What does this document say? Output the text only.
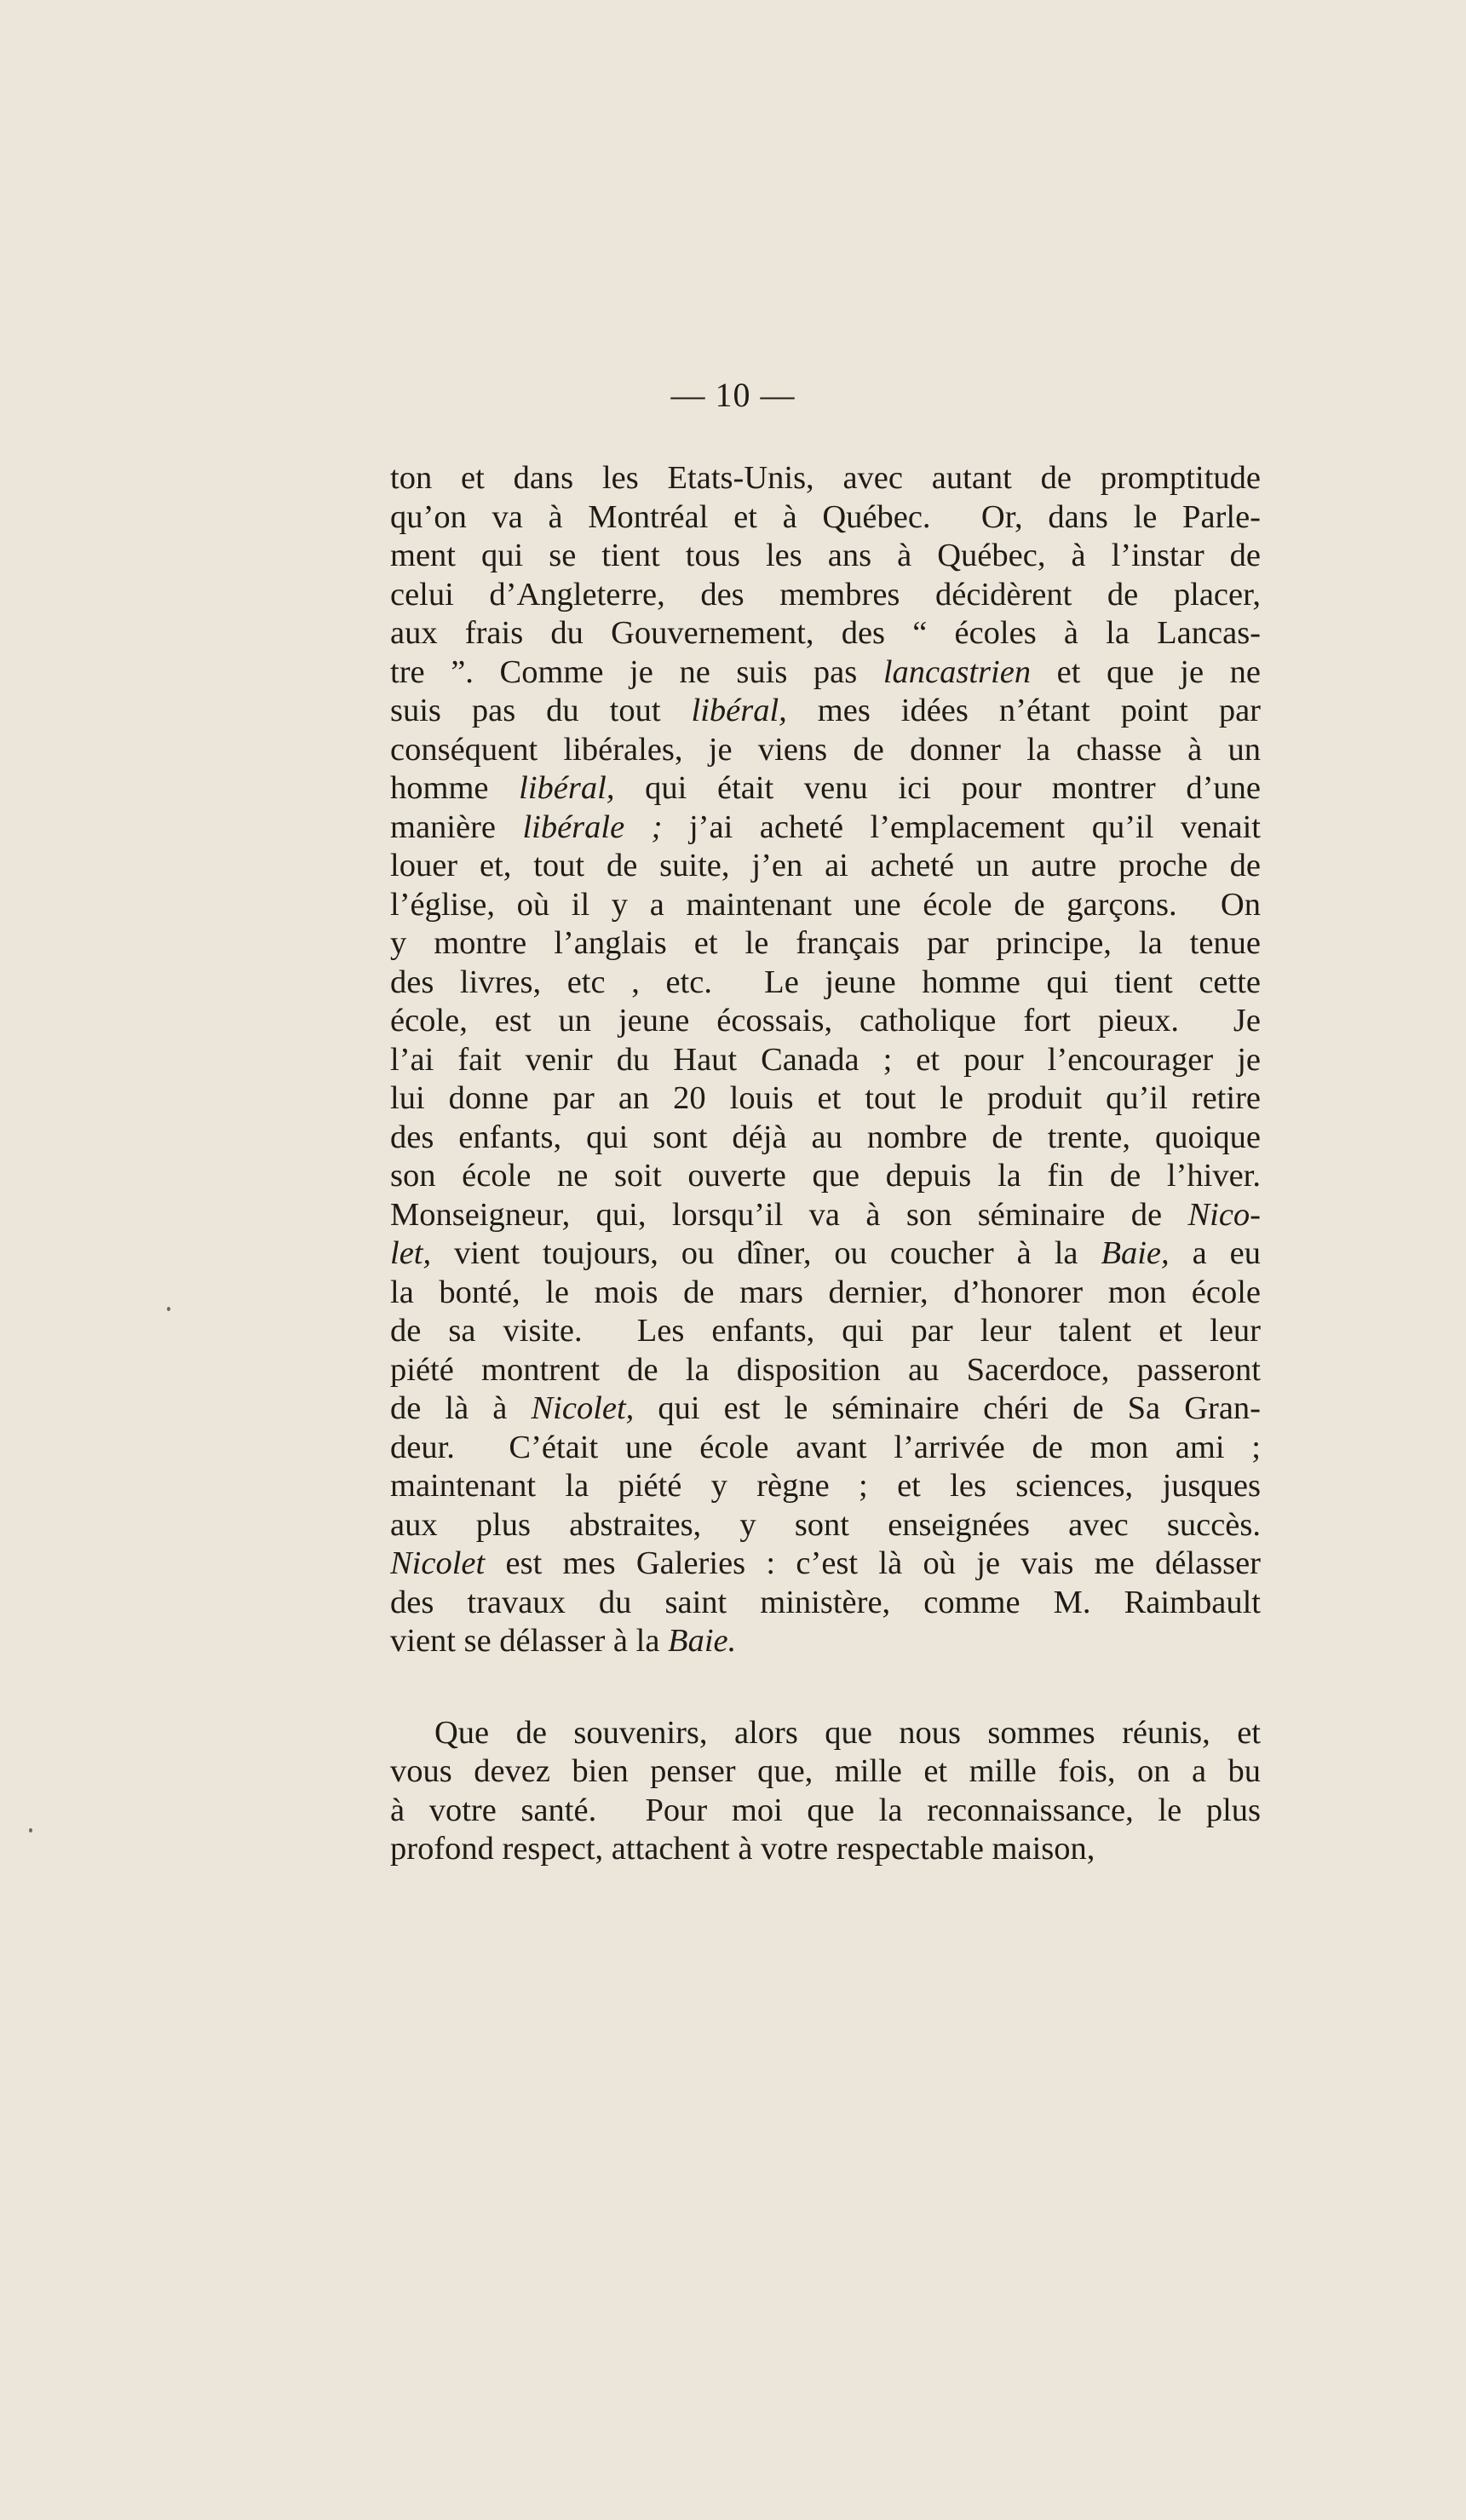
— 10 —
ton et dans les Etats-Unis, avec autant de promptitude
qu’on va à Montréal et à Québec.  Or, dans le Parle-
ment qui se tient tous les ans à Québec, à l’instar de
celui d’Angleterre, des membres décidèrent de placer,
aux frais du Gouvernement, des “ écoles à la Lancas-
tre ”. Comme je ne suis pas lancastrien et que je ne
suis pas du tout libéral, mes idées n’étant point par
conséquent libérales, je viens de donner la chasse à un
homme libéral, qui était venu ici pour montrer d’une
manière libérale ; j’ai acheté l’emplacement qu’il venait
louer et, tout de suite, j’en ai acheté un autre proche de
l’église, où il y a maintenant une école de garçons.  On
y montre l’anglais et le français par principe, la tenue
des livres, etc , etc.  Le jeune homme qui tient cette
école, est un jeune écossais, catholique fort pieux.  Je
l’ai fait venir du Haut Canada ; et pour l’encourager je
lui donne par an 20 louis et tout le produit qu’il retire
des enfants, qui sont déjà au nombre de trente, quoique
son école ne soit ouverte que depuis la fin de l’hiver.
Monseigneur, qui, lorsqu’il va à son séminaire de Nico-
let, vient toujours, ou dîner, ou coucher à la Baie, a eu
la bonté, le mois de mars dernier, d’honorer mon école
de sa visite.  Les enfants, qui par leur talent et leur
piété montrent de la disposition au Sacerdoce, passeront
de là à Nicolet, qui est le séminaire chéri de Sa Gran-
deur.  C’était une école avant l’arrivée de mon ami ;
maintenant la piété y règne ; et les sciences, jusques
aux plus abstraites, y sont enseignées avec succès.
Nicolet est mes Galeries : c’est là où je vais me délasser
des travaux du saint ministère, comme M. Raimbault
vient se délasser à la Baie.
Que de souvenirs, alors que nous sommes réunis, et
vous devez bien penser que, mille et mille fois, on a bu
à votre santé.  Pour moi que la reconnaissance, le plus
profond respect, attachent à votre respectable maison,
